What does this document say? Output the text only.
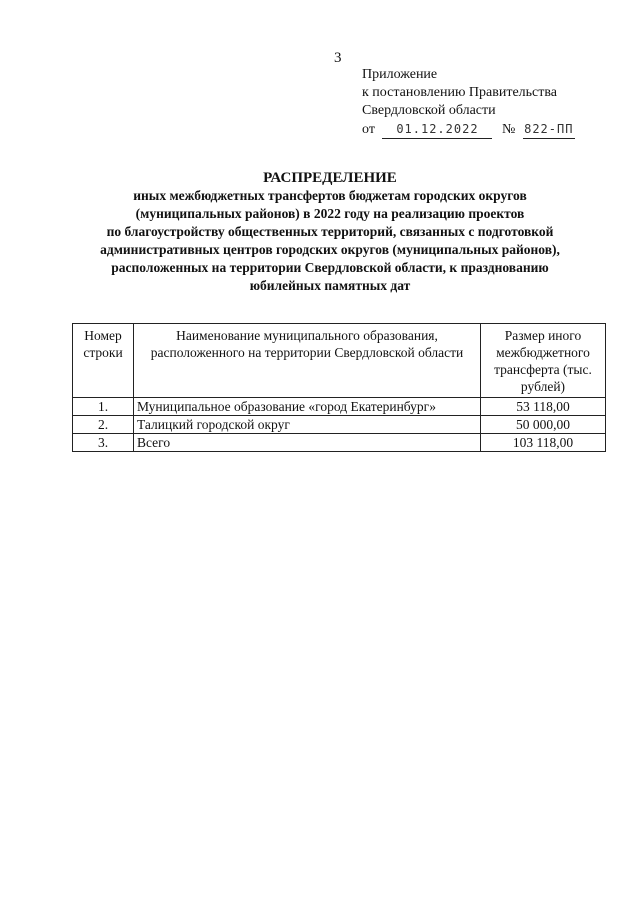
3
Приложение
к постановлению Правительства
Свердловской области
от 01.12.2022 № 822-ПП
РАСПРЕДЕЛЕНИЕ
иных межбюджетных трансфертов бюджетам городских округов
(муниципальных районов) в 2022 году на реализацию проектов
по благоустройству общественных территорий, связанных с подготовкой
административных центров городских округов (муниципальных районов),
расположенных на территории Свердловской области, к празднованию
юбилейных памятных дат
Номер строки	Наименование муниципального образования, расположенного на территории Свердловской области	Размер иного межбюджетного трансферта (тыс. рублей)
1.	Муниципальное образование «город Екатеринбург»	53 118,00
2.	Талицкий городской округ	50 000,00
3.	Всего	103 118,00
